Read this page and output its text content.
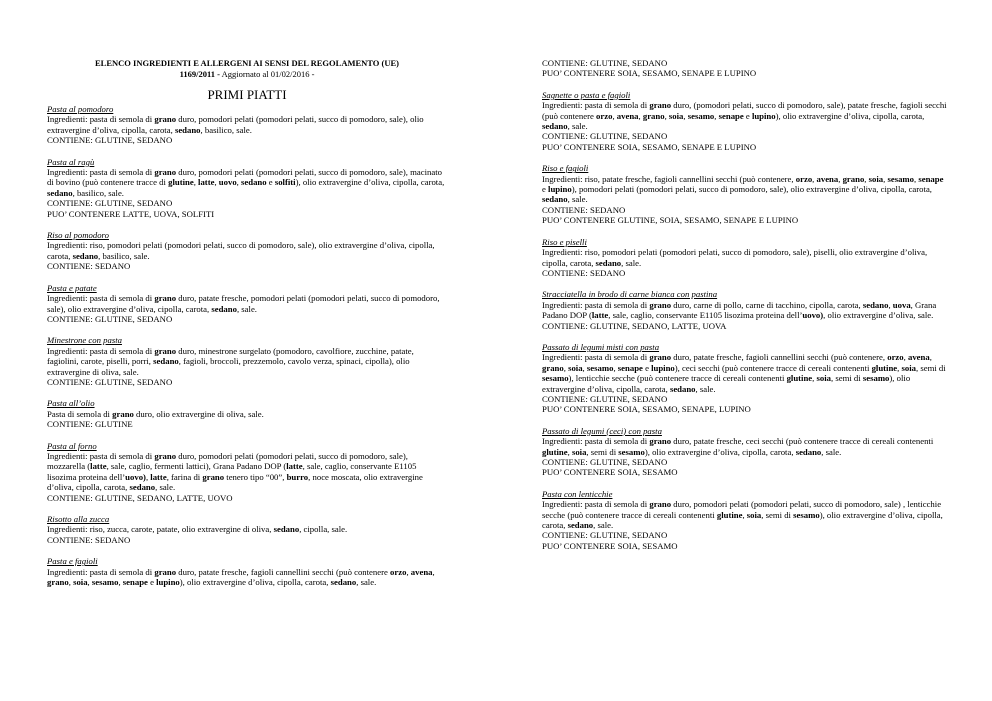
ELENCO INGREDIENTI E ALLERGENI AI SENSI DEL REGOLAMENTO (UE)
1169/2011 - Aggiornato al 01/02/2016 -
PRIMI PIATTI
Pasta al pomodoro
Ingredienti: pasta di semola di grano duro, pomodori pelati (pomodori pelati, succo di pomodoro, sale), olio extravergine d’oliva, cipolla, carota, sedano, basilico, sale.
CONTIENE: GLUTINE, SEDANO
Pasta al ragù
Ingredienti: pasta di semola di grano duro, pomodori pelati (pomodori pelati, succo di pomodoro, sale), macinato di bovino (può contenere tracce di glutine, latte, uovo, sedano e solfiti), olio extravergine d’oliva, cipolla, carota, sedano, basilico, sale.
CONTIENE: GLUTINE, SEDANO
PUO’ CONTENERE LATTE, UOVA, SOLFITI
Riso al pomodoro
Ingredienti: riso, pomodori pelati (pomodori pelati, succo di pomodoro, sale), olio extravergine d’oliva, cipolla, carota, sedano, basilico, sale.
CONTIENE: SEDANO
Pasta e patate
Ingredienti: pasta di semola di grano duro, patate fresche, pomodori pelati (pomodori pelati, succo di pomodoro, sale), olio extravergine d’oliva, cipolla, carota, sedano, sale.
CONTIENE: GLUTINE, SEDANO
Minestrone con pasta
Ingredienti: pasta di semola di grano duro, minestrone surgelato (pomodoro, cavolfiore, zucchine, patate, fagiolini, carote, piselli, porri, sedano, fagioli, broccoli, prezzemolo, cavolo verza, spinaci, cipolla), olio extravergine di oliva, sale.
CONTIENE: GLUTINE, SEDANO
Pasta all’olio
Pasta di semola di grano duro, olio extravergine di oliva, sale.
CONTIENE: GLUTINE
Pasta al forno
Ingredienti: pasta di semola di grano duro, pomodori pelati (pomodori pelati, succo di pomodoro, sale), mozzarella (latte, sale, caglio, fermenti lattici), Grana Padano DOP (latte, sale, caglio, conservante E1105 lisozima proteina dell’uovo), latte, farina di grano tenero tipo “00”, burro, noce moscata, olio extravergine d’oliva, cipolla, carota, sedano, sale.
CONTIENE: GLUTINE, SEDANO, LATTE, UOVO
Risotto alla zucca
Ingredienti: riso, zucca, carote, patate, olio extravergine di oliva, sedano, cipolla, sale.
CONTIENE: SEDANO
Pasta e fagioli
Ingredienti: pasta di semola di grano duro, patate fresche, fagioli cannellini secchi (può contenere orzo, avena, grano, soia, sesamo, senape e lupino), olio extravergine d’oliva, cipolla, carota, sedano, sale.
CONTIENE: GLUTINE, SEDANO
PUO’ CONTENERE SOIA, SESAMO, SENAPE E LUPINO
Sagnette o pasta e fagioli
Ingredienti: pasta di semola di grano duro, (pomodori pelati, succo di pomodoro, sale), patate fresche, fagioli secchi (può contenere orzo, avena, grano, soia, sesamo, senape e lupino), olio extravergine d’oliva, cipolla, carota, sedano, sale.
CONTIENE: GLUTINE, SEDANO
PUO’ CONTENERE SOIA, SESAMO, SENAPE E LUPINO
Riso e fagioli
Ingredienti: riso, patate fresche, fagioli cannellini secchi (può contenere, orzo, avena, grano, soia, sesamo, senape e lupino), pomodori pelati (pomodori pelati, succo di pomodoro, sale), olio extravergine d’oliva, cipolla, carota, sedano, sale.
CONTIENE: SEDANO
PUO’ CONTENERE GLUTINE, SOIA, SESAMO, SENAPE E LUPINO
Riso e piselli
Ingredienti: riso, pomodori pelati (pomodori pelati, succo di pomodoro, sale), piselli, olio extravergine d’oliva, cipolla, carota, sedano, sale.
CONTIENE: SEDANO
Stracciatella in brodo di carne bianca con pastina
Ingredienti: pasta di semola di grano duro, carne di pollo, carne di tacchino, cipolla, carota, sedano, uova, Grana Padano DOP (latte, sale, caglio, conservante E1105 lisozima proteina dell’uovo), olio extravergine d’oliva, sale.
CONTIENE: GLUTINE, SEDANO, LATTE, UOVA
Passato di legumi misti con pasta
Ingredienti: pasta di semola di grano duro, patate fresche, fagioli cannellini secchi (può contenere, orzo, avena, grano, soia, sesamo, senape e lupino), ceci secchi (può contenere tracce di cereali contenenti glutine, soia, semi di sesamo), lenticchie secche (può contenere tracce di cereali contenenti glutine, soia, semi di sesamo), olio extravergine d’oliva, cipolla, carota, sedano, sale.
CONTIENE: GLUTINE, SEDANO
PUO’ CONTENERE SOIA, SESAMO, SENAPE, LUPINO
Passato di legumi (ceci) con pasta
Ingredienti: pasta di semola di grano duro, patate fresche, ceci secchi (può contenere tracce di cereali contenenti glutine, soia, semi di sesamo), olio extravergine d’oliva, cipolla, carota, sedano, sale.
CONTIENE: GLUTINE, SEDANO
PUO’ CONTENERE SOIA, SESAMO
Pasta con lenticchie
Ingredienti: pasta di semola di grano duro, pomodori pelati (pomodori pelati, succo di pomodoro, sale) , lenticchie secche (può contenere tracce di cereali contenenti glutine, soia, semi di sesamo), olio extravergine d’oliva, cipolla, carota, sedano, sale.
CONTIENE: GLUTINE, SEDANO
PUO’ CONTENERE SOIA, SESAMO
